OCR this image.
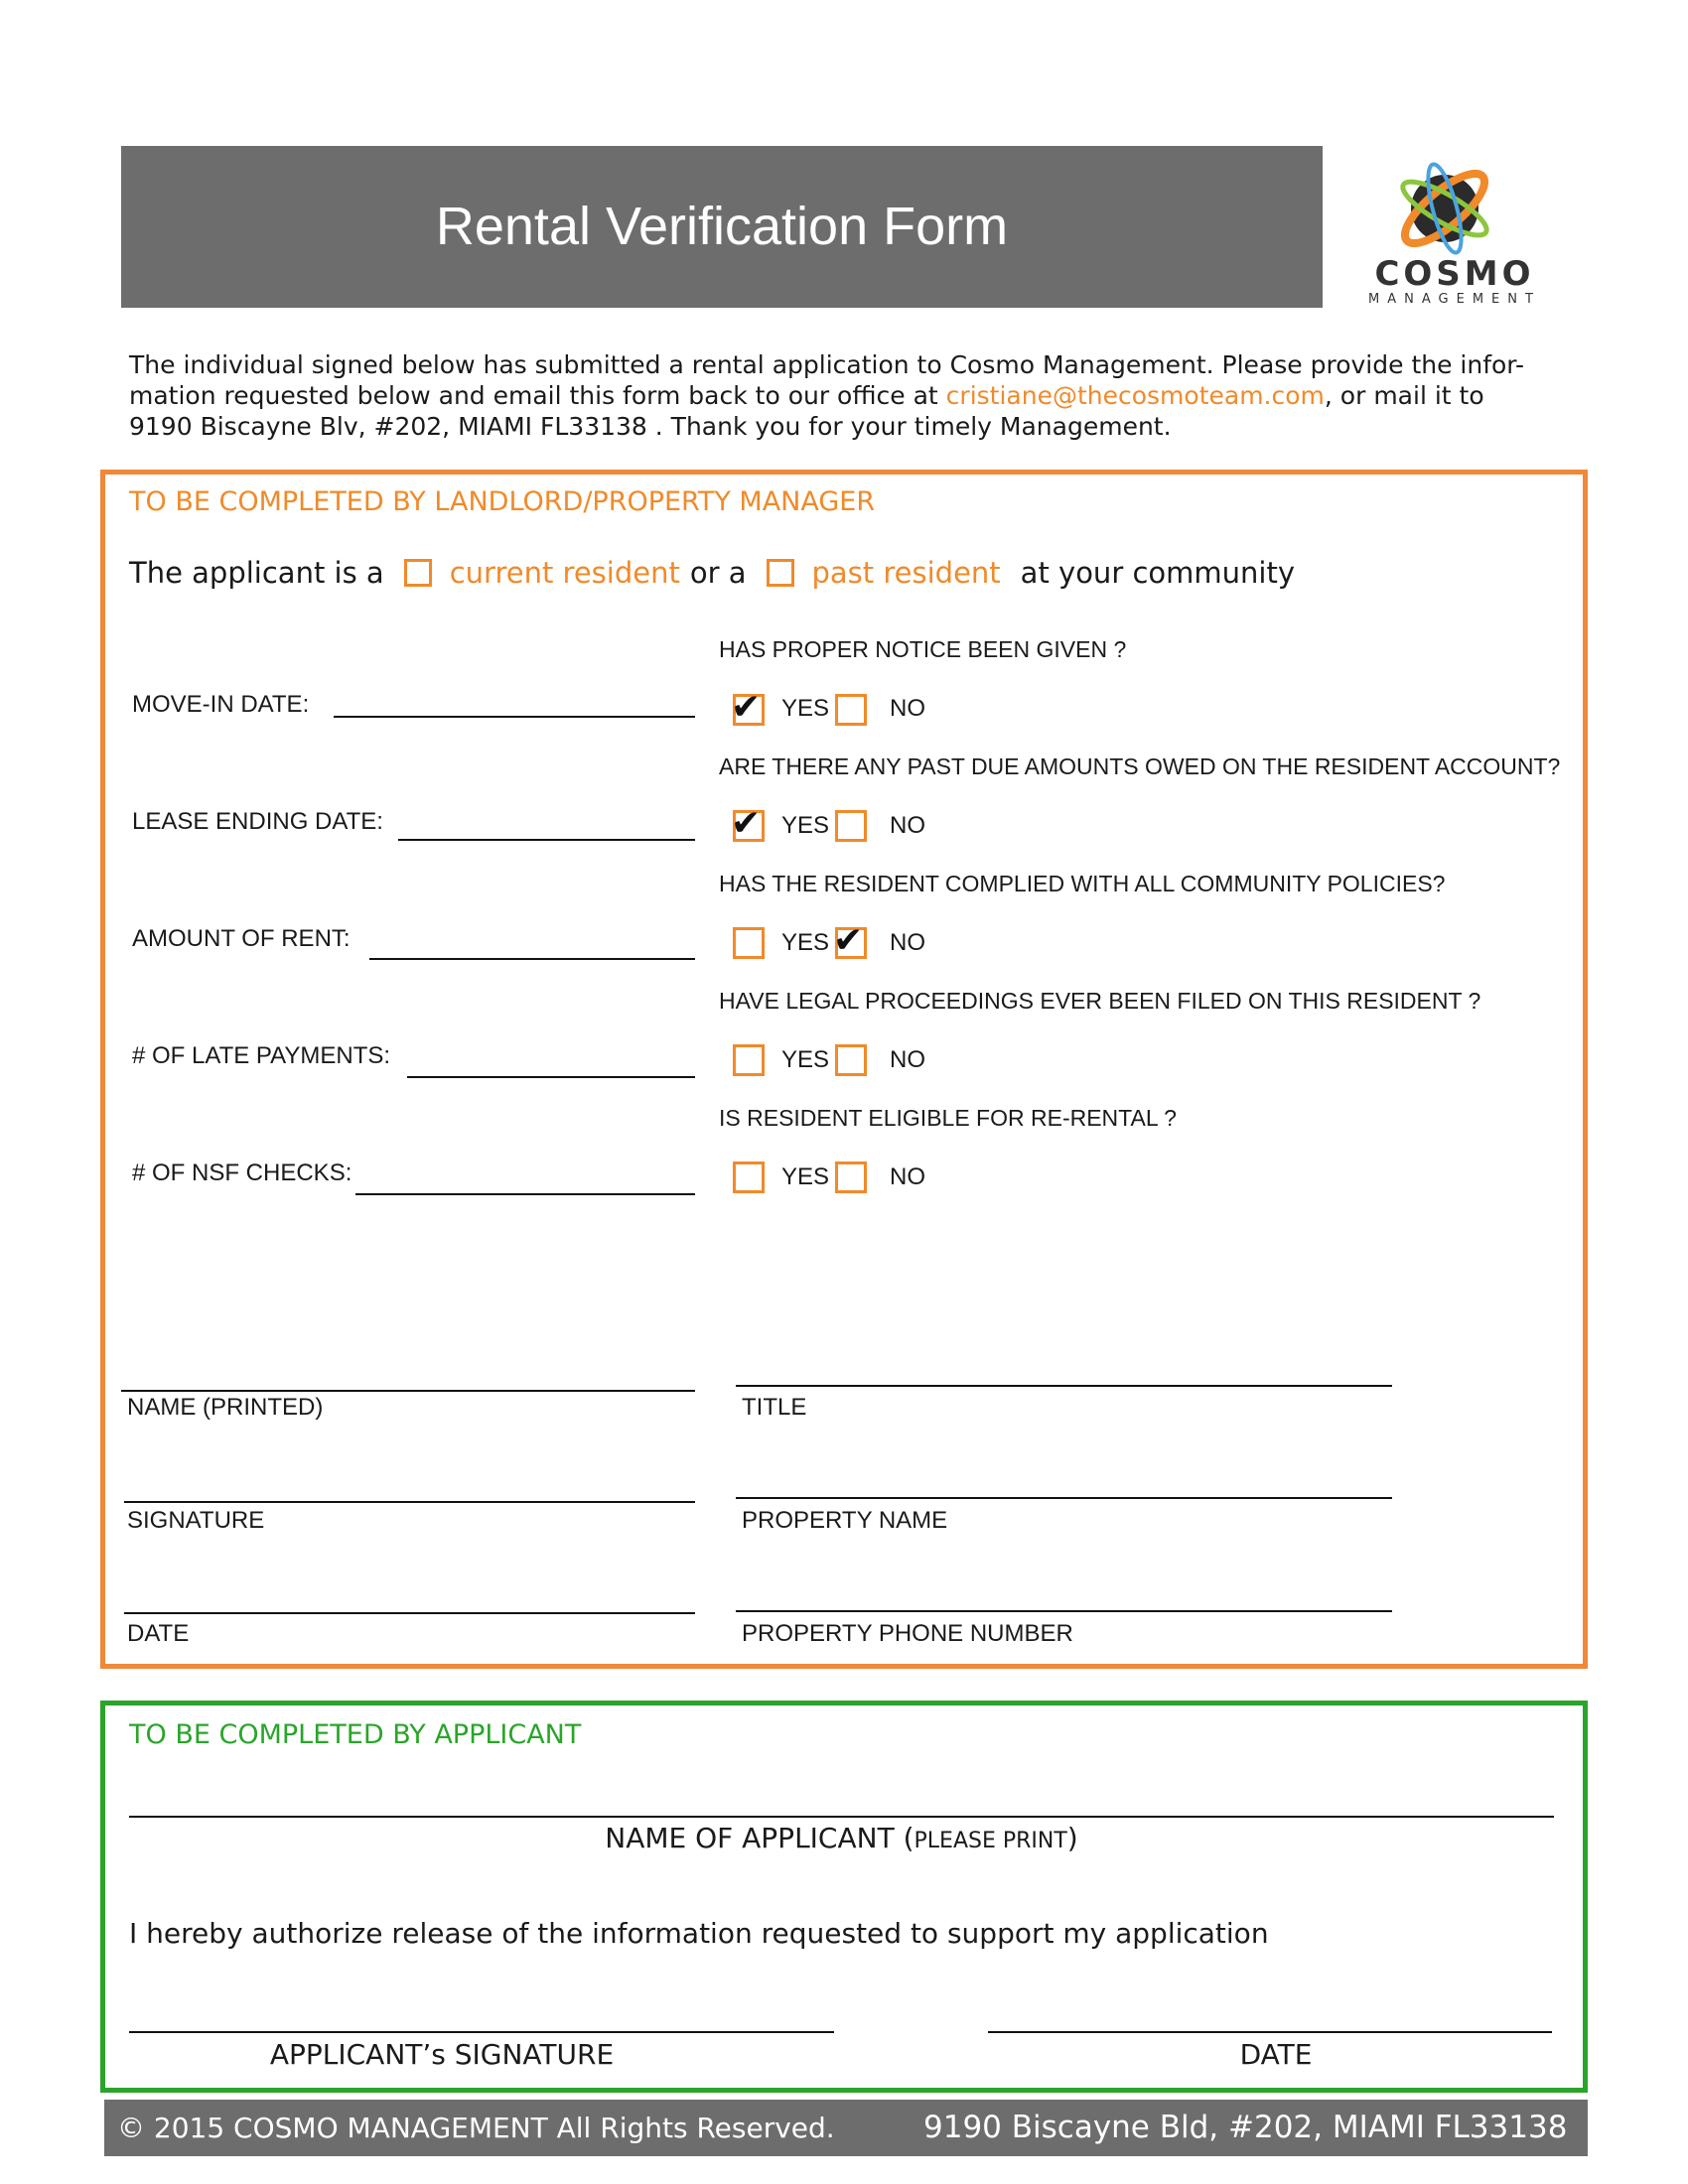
Rental Verification Form
COSMO
MANAGEMENT
The individual signed below has submitted a rental application to Cosmo Management. Please provide the infor-
mation requested below and email this form back to our office at cristiane@thecosmoteam.com, or mail it to
9190 Biscayne Blv, #202, MIAMI FL33138 . Thank you for your timely Management.
TO BE COMPLETED BY LANDLORD/PROPERTY MANAGER
The applicant is a current resident or a past resident at your community
MOVE-IN DATE:
LEASE ENDING DATE:
AMOUNT OF RENT:
# OF LATE PAYMENTS:
# OF NSF CHECKS:
HAS PROPER NOTICE BEEN GIVEN ?
✔ YES	NO
ARE THERE ANY PAST DUE AMOUNTS OWED ON THE RESIDENT ACCOUNT?
✔ YES	NO
HAS THE RESIDENT COMPLIED WITH ALL COMMUNITY POLICIES?
YES ✔ NO
HAVE LEGAL PROCEEDINGS EVER BEEN FILED ON THIS RESIDENT ?
YES	NO
IS RESIDENT ELIGIBLE FOR RE-RENTAL ?
YES	NO
NAME (PRINTED)	TITLE
SIGNATURE	PROPERTY NAME
DATE	PROPERTY PHONE NUMBER
TO BE COMPLETED BY APPLICANT
NAME OF APPLICANT (PLEASE PRINT)
I hereby authorize release of the information requested to support my application
APPLICANT’s SIGNATURE	DATE
© 2015 COSMO MANAGEMENT All Rights Reserved.	9190 Biscayne Bld, #202, MIAMI FL33138
